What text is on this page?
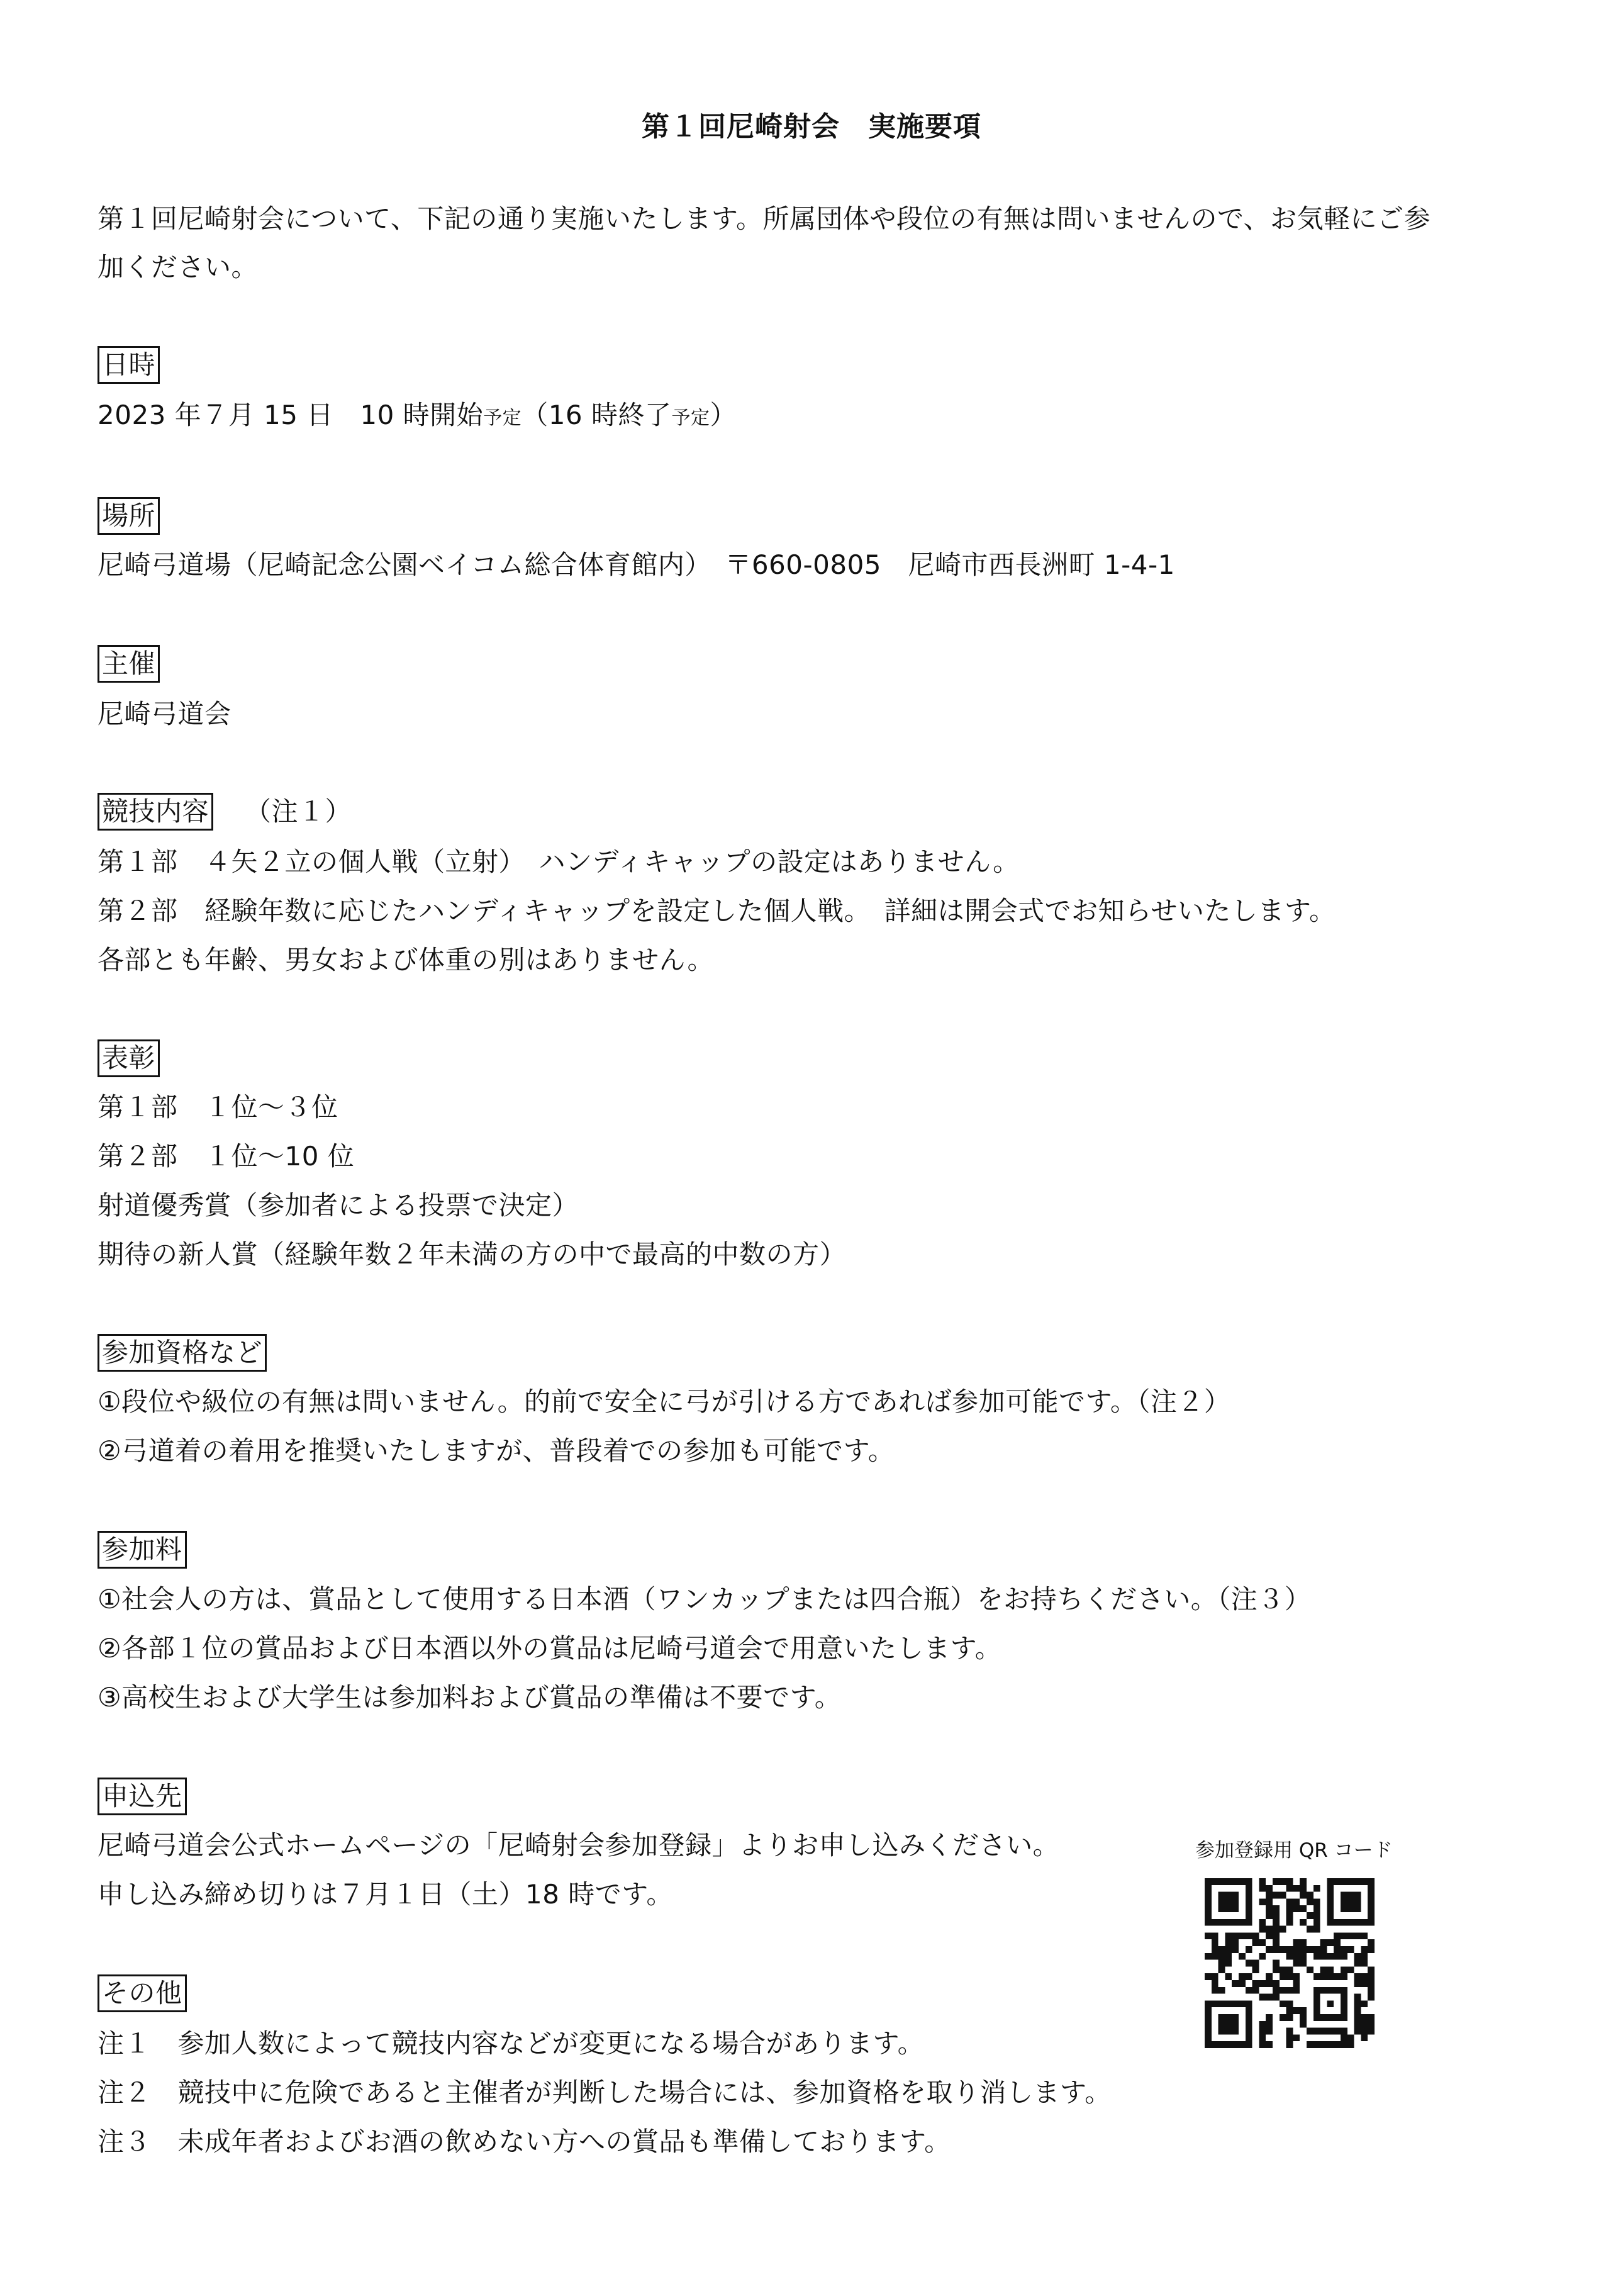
第１回尼崎射会　実施要項
第１回尼崎射会について、下記の通り実施いたします。所属団体や段位の有無は問いませんので、お気軽にご参
加ください。
日時
2023 年７月 15 日　10 時開始予定（16 時終了予定）
場所
尼崎弓道場（尼崎記念公園ベイコム総合体育館内）　〒660-0805　尼崎市西長洲町 1-4-1
主催
尼崎弓道会
競技内容 （注１）
第１部　４矢２立の個人戦（立射）　ハンディキャップの設定はありません。
第２部　経験年数に応じたハンディキャップを設定した個人戦。　詳細は開会式でお知らせいたします。
各部とも年齢、男女および体重の別はありません。
表彰
第１部　１位～３位
第２部　１位～10 位
射道優秀賞（参加者による投票で決定）
期待の新人賞（経験年数２年未満の方の中で最高的中数の方）
参加資格など
①段位や級位の有無は問いません。的前で安全に弓が引ける方であれば参加可能です。（注２）
②弓道着の着用を推奨いたしますが、普段着での参加も可能です。
参加料
①社会人の方は、賞品として使用する日本酒（ワンカップまたは四合瓶）をお持ちください。（注３）
②各部１位の賞品および日本酒以外の賞品は尼崎弓道会で用意いたします。
③高校生および大学生は参加料および賞品の準備は不要です。
申込先
尼崎弓道会公式ホームページの「尼崎射会参加登録」よりお申し込みください。
申し込み締め切りは７月１日（土）18 時です。
参加登録用 QR コード
その他
注１　参加人数によって競技内容などが変更になる場合があります。
注２　競技中に危険であると主催者が判断した場合には、参加資格を取り消します。
注３　未成年者およびお酒の飲めない方への賞品も準備しております。
